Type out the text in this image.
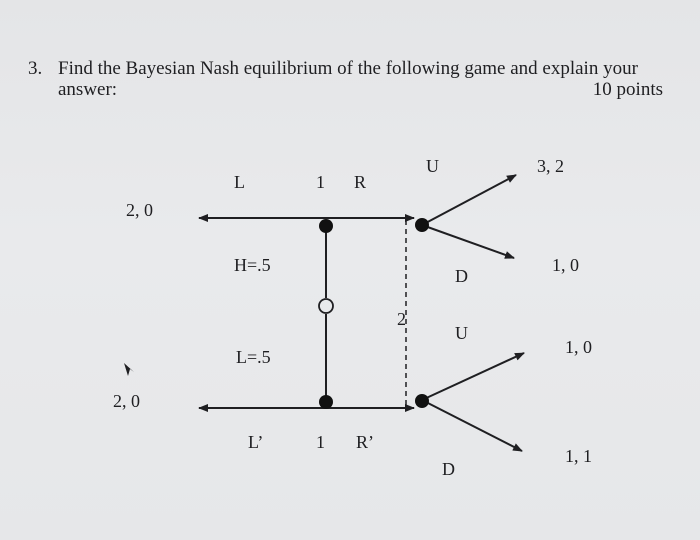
3. Find the Bayesian Nash equilibrium of the following game and explain your
answer:	10 points
L	1 R
U	3, 2
2, 0
H=.5	1, 0
D
2
U
1, 0
L=.5
2, 0
L’	1 R’
1, 1
D
